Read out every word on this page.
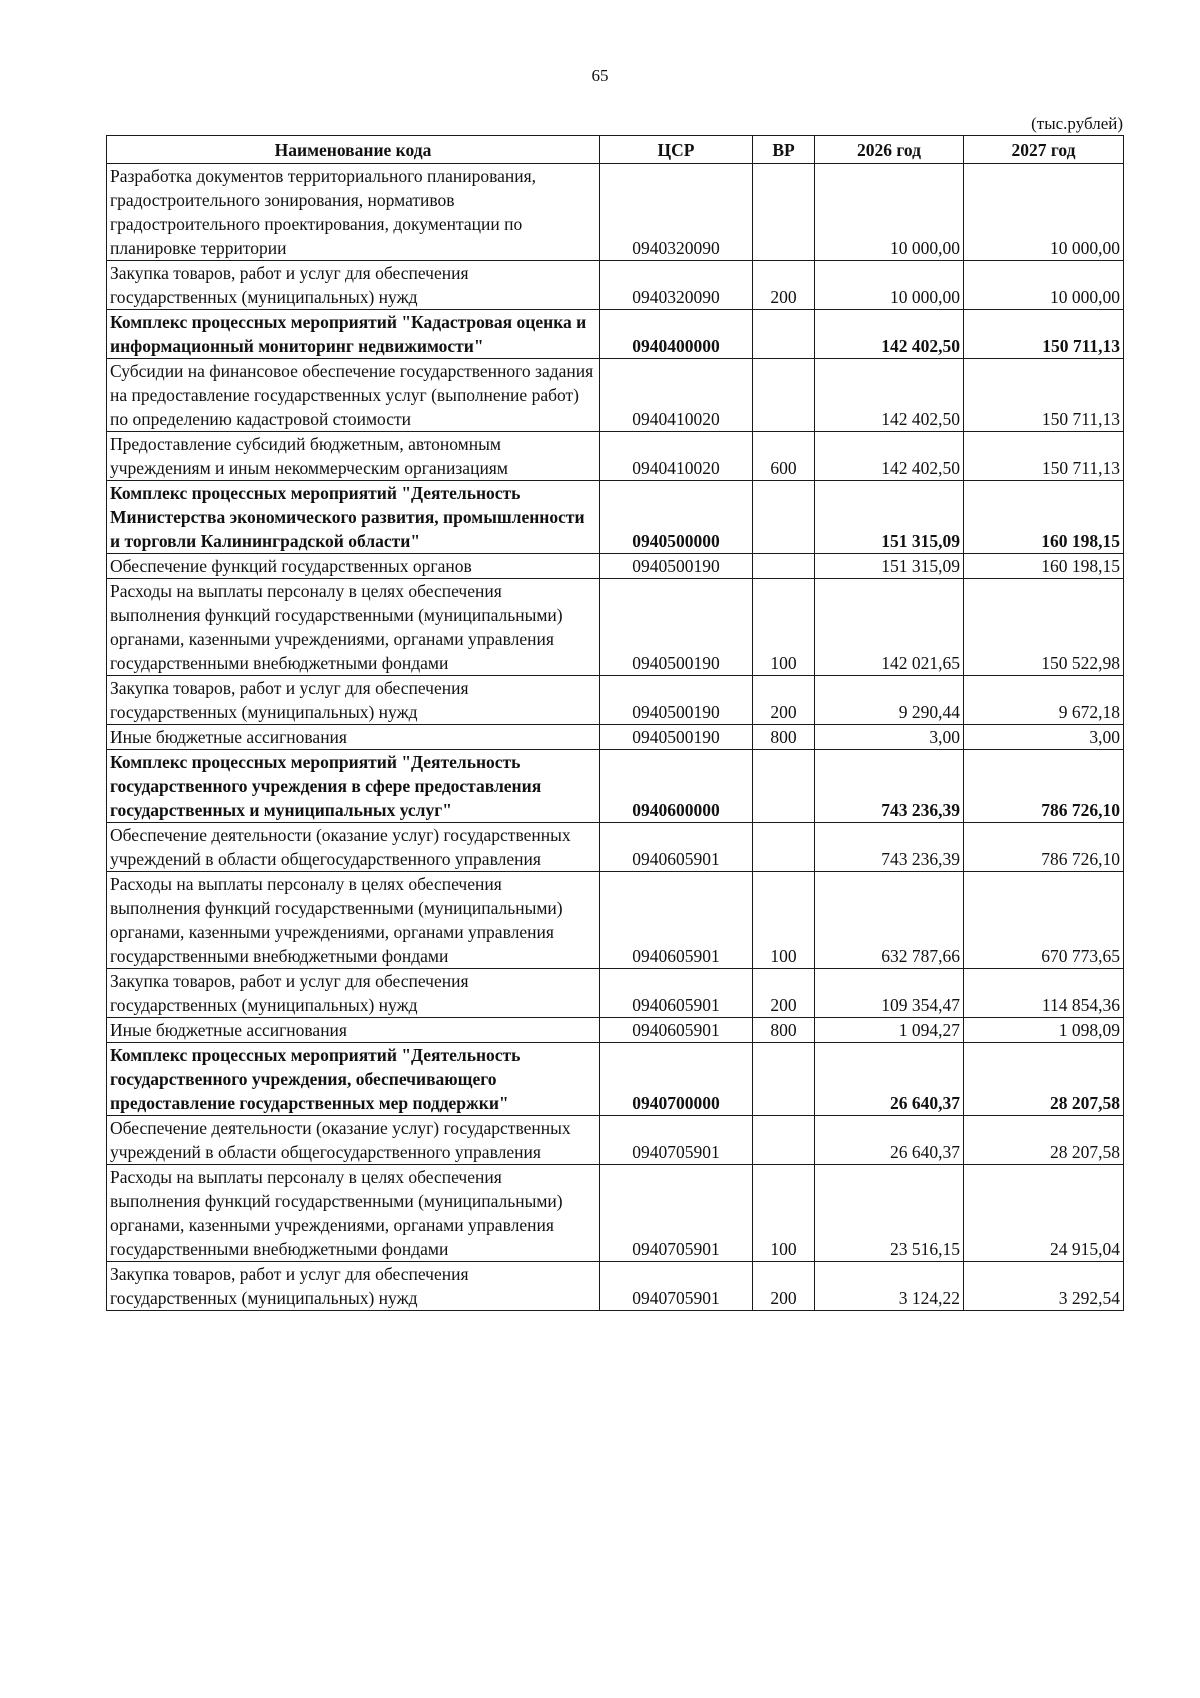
65
(тыс.рублей)
Наименование кода	ЦСР	ВР	2026 год	2027 год
Разработка документов территориального планирования, градостроительного зонирования, нормативов градостроительного проектирования, документации по планировке территории	0940320090		10 000,00	10 000,00
Закупка товаров, работ и услуг для обеспечения государственных (муниципальных) нужд	0940320090	200	10 000,00	10 000,00
Комплекс процессных мероприятий "Кадастровая оценка и информационный мониторинг недвижимости"	0940400000		142 402,50	150 711,13
Субсидии на финансовое обеспечение государственного задания на предоставление государственных услуг (выполнение работ) по определению кадастровой стоимости	0940410020		142 402,50	150 711,13
Предоставление субсидий бюджетным, автономным учреждениям и иным некоммерческим организациям	0940410020	600	142 402,50	150 711,13
Комплекс процессных мероприятий "Деятельность Министерства экономического развития, промышленности и торговли Калининградской области"	0940500000		151 315,09	160 198,15
Обеспечение функций государственных органов	0940500190		151 315,09	160 198,15
Расходы на выплаты персоналу в целях обеспечения выполнения функций государственными (муниципальными) органами, казенными учреждениями, органами управления государственными внебюджетными фондами	0940500190	100	142 021,65	150 522,98
Закупка товаров, работ и услуг для обеспечения государственных (муниципальных) нужд	0940500190	200	9 290,44	9 672,18
Иные бюджетные ассигнования	0940500190	800	3,00	3,00
Комплекс процессных мероприятий "Деятельность государственного учреждения в сфере предоставления государственных и муниципальных услуг"	0940600000		743 236,39	786 726,10
Обеспечение деятельности (оказание услуг) государственных учреждений в области общегосударственного управления	0940605901		743 236,39	786 726,10
Расходы на выплаты персоналу в целях обеспечения выполнения функций государственными (муниципальными) органами, казенными учреждениями, органами управления государственными внебюджетными фондами	0940605901	100	632 787,66	670 773,65
Закупка товаров, работ и услуг для обеспечения государственных (муниципальных) нужд	0940605901	200	109 354,47	114 854,36
Иные бюджетные ассигнования	0940605901	800	1 094,27	1 098,09
Комплекс процессных мероприятий "Деятельность государственного учреждения, обеспечивающего предоставление государственных мер поддержки"	0940700000		26 640,37	28 207,58
Обеспечение деятельности (оказание услуг) государственных учреждений в области общегосударственного управления	0940705901		26 640,37	28 207,58
Расходы на выплаты персоналу в целях обеспечения выполнения функций государственными (муниципальными) органами, казенными учреждениями, органами управления государственными внебюджетными фондами	0940705901	100	23 516,15	24 915,04
Закупка товаров, работ и услуг для обеспечения государственных (муниципальных) нужд	0940705901	200	3 124,22	3 292,54
